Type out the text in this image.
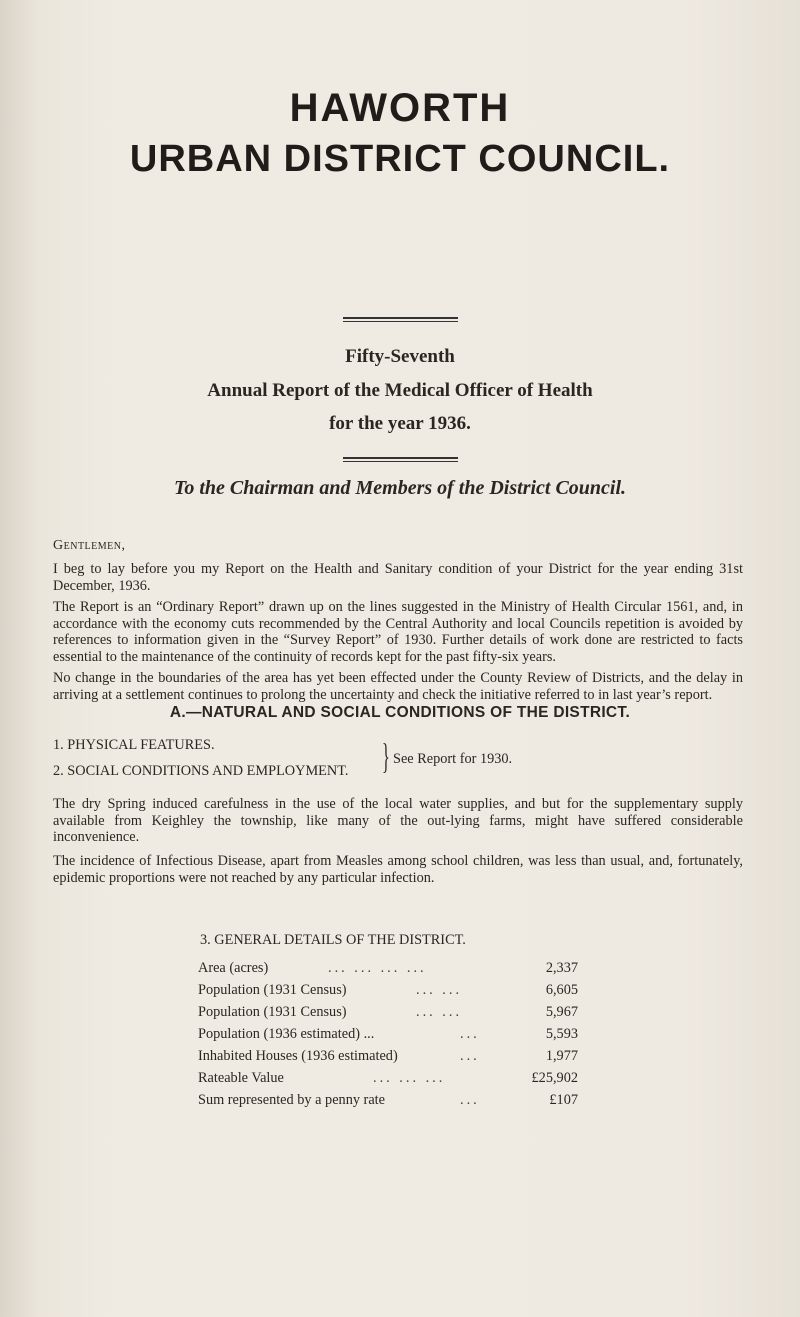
HAWORTH
URBAN DISTRICT COUNCIL.
Fifty-Seventh
Annual Report of the Medical Officer of Health
for the year 1936.
To the Chairman and Members of the District Council.
Gentlemen,
I beg to lay before you my Report on the Health and Sanitary condition of your District for the year ending 31st December, 1936.
The Report is an “Ordinary Report” drawn up on the lines suggested in the Ministry of Health Circular 1561, and, in accordance with the economy cuts recommended by the Central Authority and local Councils repetition is avoided by references to information given in the “Survey Report” of 1930. Further details of work done are restricted to facts essential to the maintenance of the continuity of records kept for the past fifty-six years.
No change in the boundaries of the area has yet been effected under the County Review of Districts, and the delay in arriving at a settlement continues to prolong the uncertainty and check the initiative referred to in last year’s report.
A.—NATURAL AND SOCIAL CONDITIONS OF THE DISTRICT.
1. PHYSICAL FEATURES.
2. SOCIAL CONDITIONS AND EMPLOYMENT. } See Report for 1930.
The dry Spring induced carefulness in the use of the local water supplies, and but for the supplementary supply available from Keighley the township, like many of the out-lying farms, might have suffered considerable inconvenience.
The incidence of Infectious Disease, apart from Measles among school children, was less than usual, and, fortunately, epidemic proportions were not reached by any particular infection.
3. GENERAL DETAILS OF THE DISTRICT.
Area (acres)	... ... ... ...	2,337
Population (1931 Census)	... ...	6,605
Population (1931 Census)	... ...	5,967
Population (1936 estimated) ...	...	5,593
Inhabited Houses (1936 estimated)	...	1,977
Rateable Value	... ... ...	£25,902
Sum represented by a penny rate	...	£107
